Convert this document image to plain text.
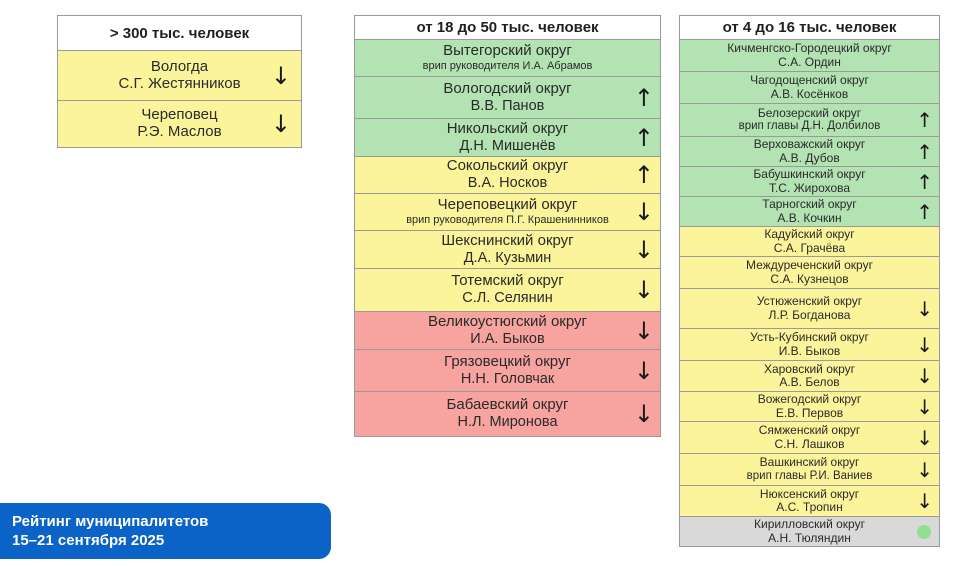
> 300 тыс. человек
Вологда
С.Г. Жестянников ↓
Череповец
Р.Э. Маслов ↓
от 18 до 50 тыс. человек
Вытегорский округ
врип руководителя И.А. Абрамов
Вологодский округ
В.В. Панов	↑
Никольский округ
Д.Н. Мишенёв	↑
Сокольский округ
В.А. Носков	↑
Череповецкий округ
врип руководителя П.Г. Крашенинников ↓
Шекснинский округ
Д.А. Кузьмин	↓
Тотемский округ
С.Л. Селянин	↓
Великоустюгский округ
И.А. Быков	↓
Грязовецкий округ
Н.Н. Головчак	↓
Бабаевский округ
Н.Л. Миронова	↓
от 4 до 16 тыс. человек
Кичменгско-Городецкий округ
С.А. Ордин
Чагодощенский округ
А.В. Косёнков
Белозерский округ
врип главы Д.Н. Долбилов ↑
Верховажский округ
А.В. Дубов	↑
Бабушкинский округ
Т.С. Жирохова	↑
Тарногский округ
А.В. Кочкин	↑
Кадуйский округ
С.А. Грачёва
Междуреченский округ
С.А. Кузнецов
Устюженский округ
Л.Р. Богданова	↓
Усть-Кубинский округ
И.В. Быков	↓
Харовский округ
А.В. Белов	↓
Вожегодский округ
Е.В. Первов	↓
Сямженский округ
С.Н. Лашков	↓
Вашкинский округ
врип главы Р.И. Ваниев ↓
Нюксенский округ
А.С. Тропин	↓
Кирилловский округ
А.Н. Тюляндин
Рейтинг муниципалитетов
15–21 сентября 2025
